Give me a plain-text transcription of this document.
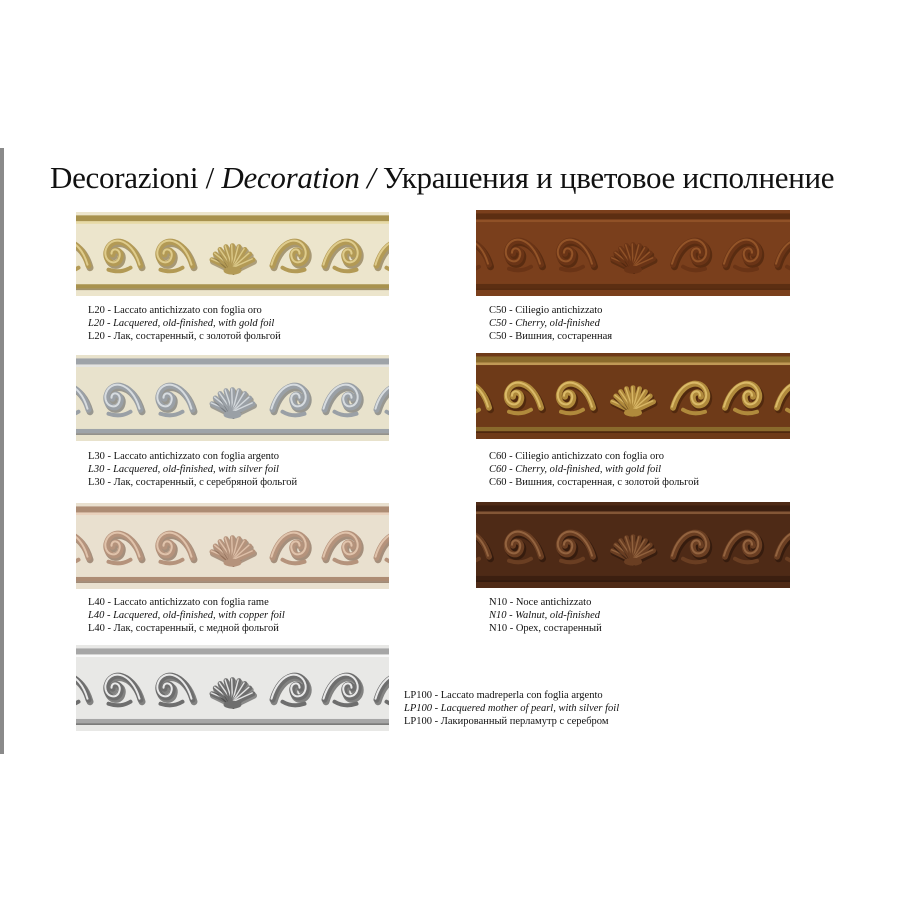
Decorazioni / Decoration / Украшения и цветовое исполнение
L20 - Laccato antichizzato con foglia oro
L20 - Lacquered, old-finished, with gold foil
L20 - Лак, состаренный, с золотой фольгой
C50 - Ciliegio antichizzato
C50 - Cherry, old-finished
C50 - Вишния, состаренная
L30 - Laccato antichizzato con foglia argento
L30 - Lacquered, old-finished, with silver foil
L30 - Лак, состаренный, с серебряной фольгой
C60 - Ciliegio antichizzato con foglia oro
C60 - Cherry, old-finished, with gold foil
C60 - Вишния, состаренная, с золотой фольгой
L40 - Laccato antichizzato con foglia rame
L40 - Lacquered, old-finished, with copper foil
L40 - Лак, состаренный, с медной фольгой
N10 - Noce antichizzato
N10 - Walnut, old-finished
N10 - Орех, состаренный
LP100 - Laccato madreperla con foglia argento
LP100 - Lacquered mother of pearl, with silver foil
LP100 - Лакированный перламутр с серебром
